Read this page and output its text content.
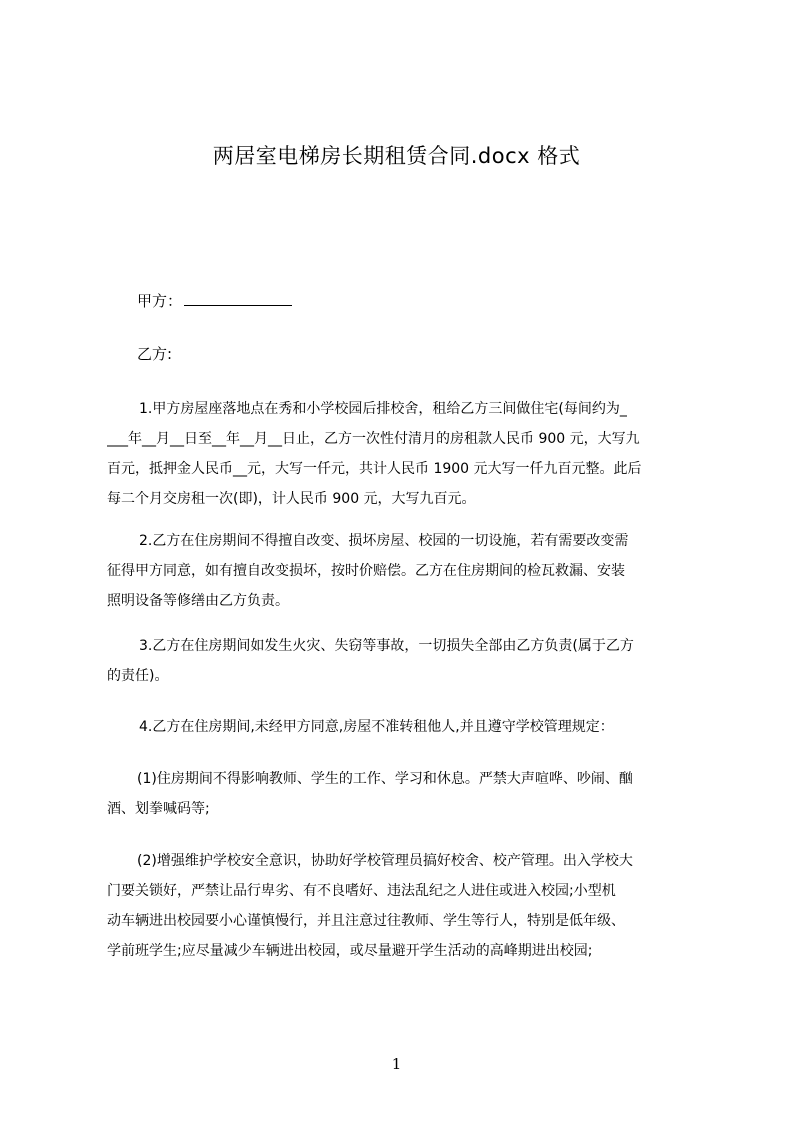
两居室电梯房长期租赁合同.docx 格式
甲方：
乙方:
1.甲方房屋座落地点在秀和小学校园后排校舍，租给乙方三间做住宅(每间约为_
___年__月__日至__年__月__日止，乙方一次性付清月的房租款人民币 900 元，大写九
百元，抵押金人民币__元，大写一仟元，共计人民币 1900 元大写一仟九百元整。此后
每二个月交房租一次(即)，计人民币 900 元，大写九百元。
2.乙方在住房期间不得擅自改变、损坏房屋、校园的一切设施，若有需要改变需
征得甲方同意，如有擅自改变损坏，按时价赔偿。乙方在住房期间的检瓦救漏、安装
照明设备等修缮由乙方负责。
3.乙方在住房期间如发生火灾、失窃等事故，一切损失全部由乙方负责(属于乙方
的责任)。
4.乙方在住房期间,未经甲方同意,房屋不准转租他人,并且遵守学校管理规定：
(1)住房期间不得影响教师、学生的工作、学习和休息。严禁大声喧哗、吵闹、酗
酒、划拳喊码等;
(2)增强维护学校安全意识，协助好学校管理员搞好校舍、校产管理。出入学校大
门要关锁好，严禁让品行卑劣、有不良嗜好、违法乱纪之人进住或进入校园;小型机
动车辆进出校园要小心谨慎慢行，并且注意过往教师、学生等行人，特别是低年级、
学前班学生;应尽量减少车辆进出校园，或尽量避开学生活动的高峰期进出校园;
1
